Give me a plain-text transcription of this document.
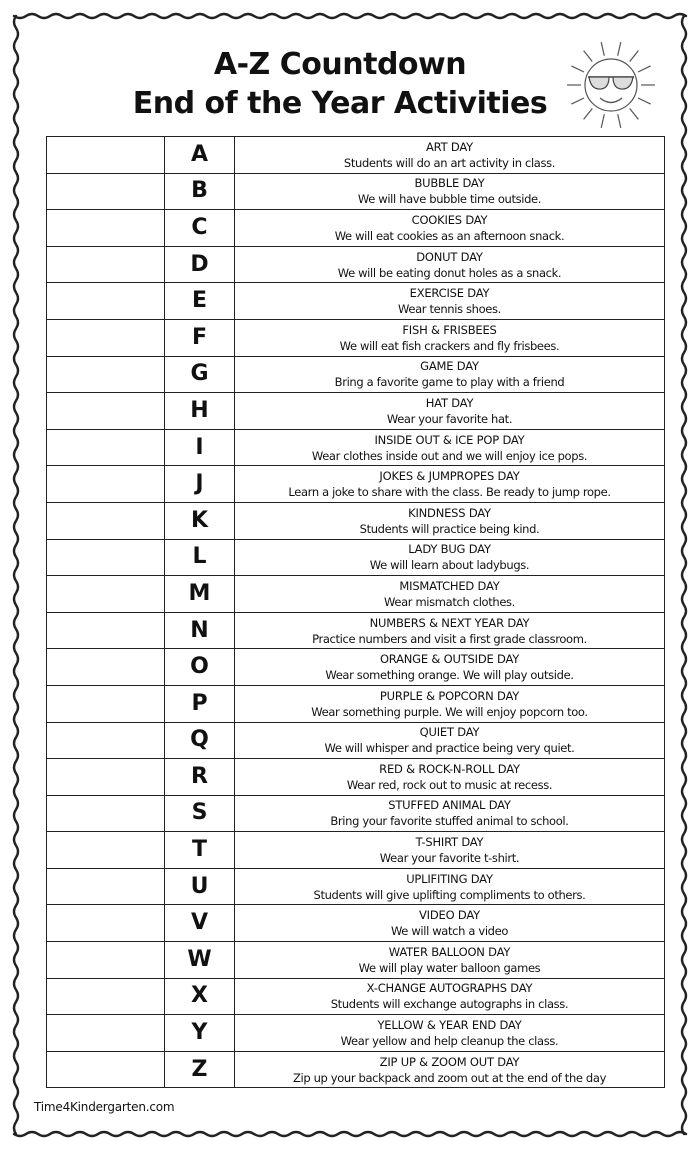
A-Z Countdown
End of the Year Activities
	A	ART DAY
Students will do an art activity in class.

	B	BUBBLE DAY
We will have bubble time outside.

	C	COOKIES DAY
We will eat cookies as an afternoon snack.

	D	DONUT DAY
We will be eating donut holes as a snack.

	E	EXERCISE DAY
Wear tennis shoes.

	F	FISH & FRISBEES
We will eat fish crackers and fly frisbees.

	G	GAME DAY
Bring a favorite game to play with a friend

	H	HAT DAY
Wear your favorite hat.

	I	INSIDE OUT & ICE POP DAY
Wear clothes inside out and we will enjoy ice pops.

	J	JOKES & JUMPROPES DAY
Learn a joke to share with the class. Be ready to jump rope.

	K	KINDNESS DAY
Students will practice being kind.

	L	LADY BUG DAY
We will learn about ladybugs.

	M	MISMATCHED DAY
Wear mismatch clothes.

	N	NUMBERS & NEXT YEAR DAY
Practice numbers and visit a first grade classroom.

	O	ORANGE & OUTSIDE DAY
Wear something orange. We will play outside.

	P	PURPLE & POPCORN DAY
Wear something purple. We will enjoy popcorn too.

	Q	QUIET DAY
We will whisper and practice being very quiet.

	R	RED & ROCK-N-ROLL DAY
Wear red, rock out to music at recess.

	S	STUFFED ANIMAL DAY
Bring your favorite stuffed animal to school.

	T	T-SHIRT DAY
Wear your favorite t-shirt.

	U	UPLIFITING DAY
Students will give uplifting compliments to others.

	V	VIDEO DAY
We will watch a video

	W	WATER BALLOON DAY
We will play water balloon games

	X	X-CHANGE AUTOGRAPHS DAY
Students will exchange autographs in class.

	Y	YELLOW & YEAR END DAY
Wear yellow and help cleanup the class.

	Z	ZIP UP & ZOOM OUT DAY
Zip up your backpack and zoom out at the end of the day
Time4Kindergarten.com
